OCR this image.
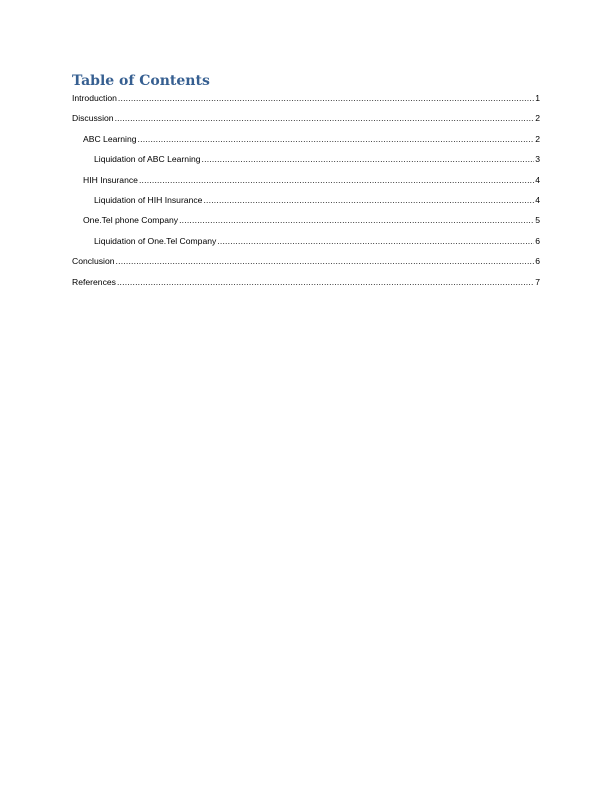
Table of Contents
Introduction .....	1
Discussion .....	2
ABC Learning .....	2
Liquidation of ABC Learning .....	3
HIH Insurance .....	4
Liquidation of HIH Insurance .....	4
One.Tel phone Company .....	5
Liquidation of One.Tel Company .....	6
Conclusion .....	6
References .....	7
